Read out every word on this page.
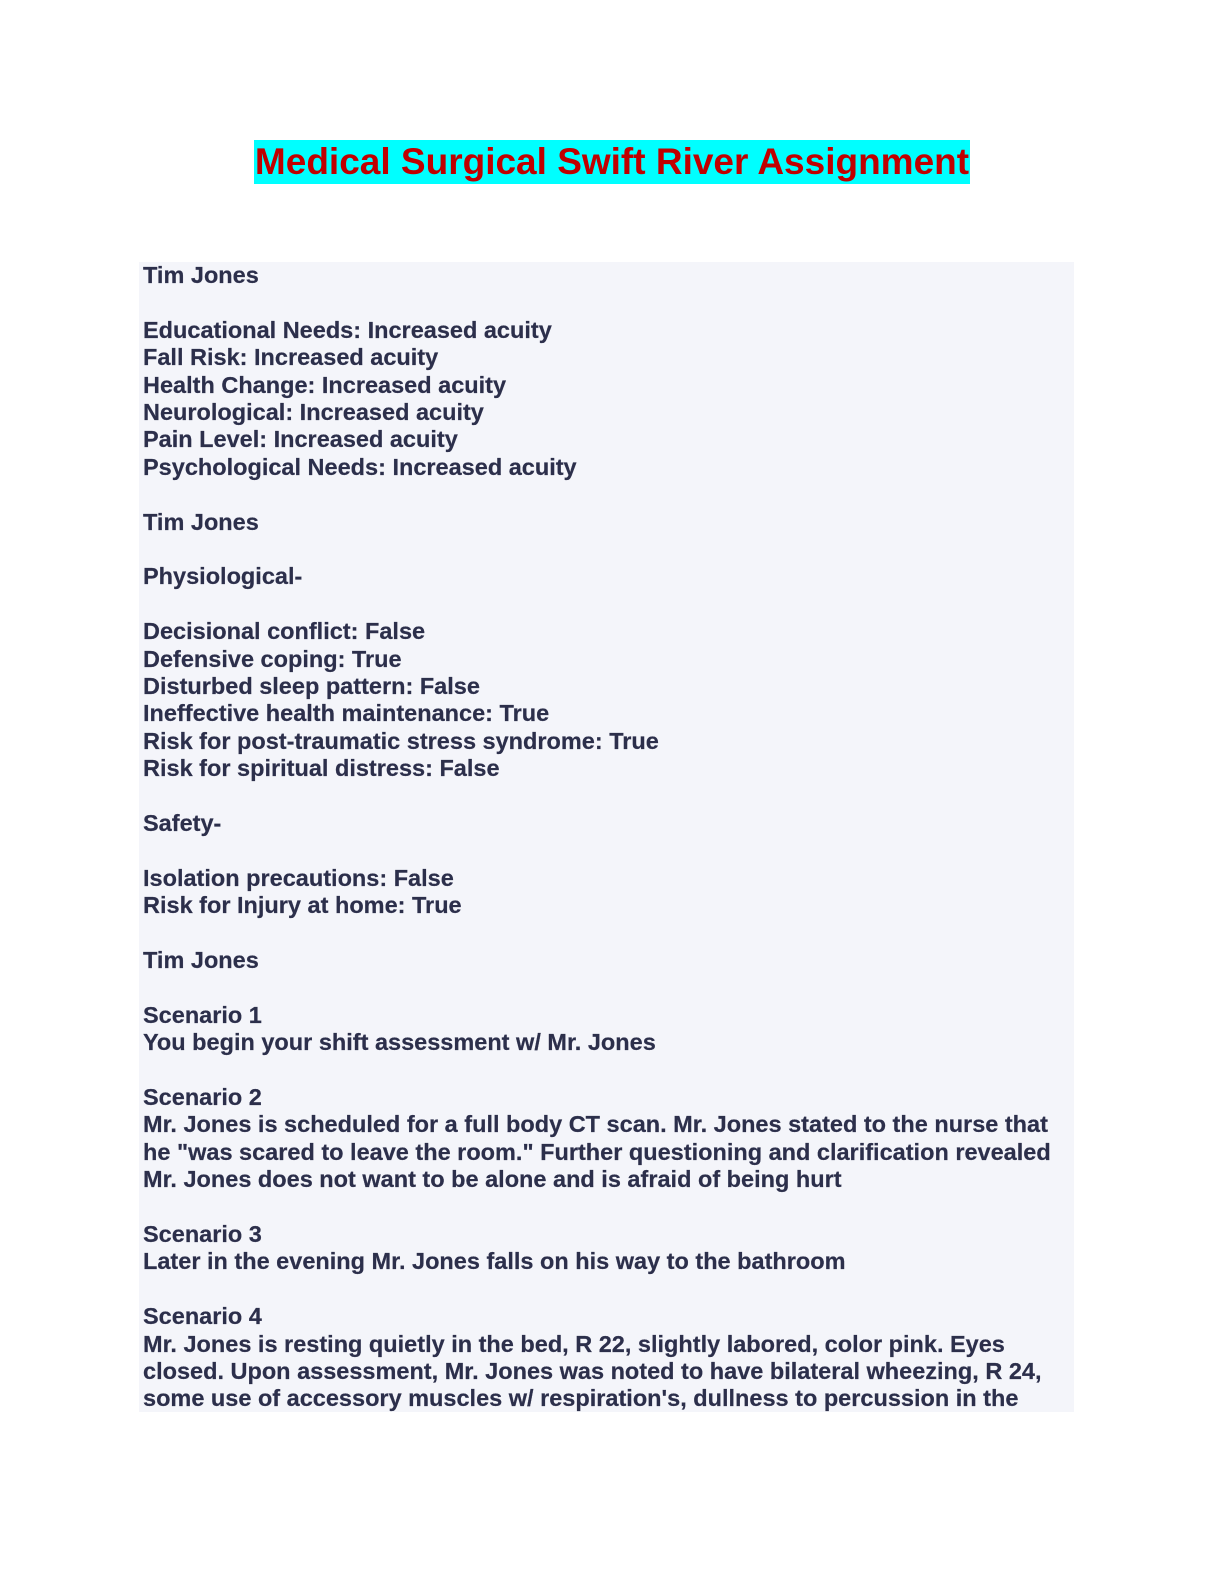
Medical Surgical Swift River Assignment
Tim Jones
Educational Needs: Increased acuity
Fall Risk: Increased acuity
Health Change: Increased acuity
Neurological: Increased acuity
Pain Level: Increased acuity
Psychological Needs: Increased acuity
Tim Jones
Physiological-
Decisional conflict: False
Defensive coping: True
Disturbed sleep pattern: False
Ineffective health maintenance: True
Risk for post-traumatic stress syndrome: True
Risk for spiritual distress: False
Safety-
Isolation precautions: False
Risk for Injury at home: True
Tim Jones
Scenario 1
You begin your shift assessment w/ Mr. Jones
Scenario 2
Mr. Jones is scheduled for a full body CT scan. Mr. Jones stated to the nurse that
he "was scared to leave the room." Further questioning and clarification revealed
Mr. Jones does not want to be alone and is afraid of being hurt
Scenario 3
Later in the evening Mr. Jones falls on his way to the bathroom
Scenario 4
Mr. Jones is resting quietly in the bed, R 22, slightly labored, color pink. Eyes
closed. Upon assessment, Mr. Jones was noted to have bilateral wheezing, R 24,
some use of accessory muscles w/ respiration's, dullness to percussion in the
